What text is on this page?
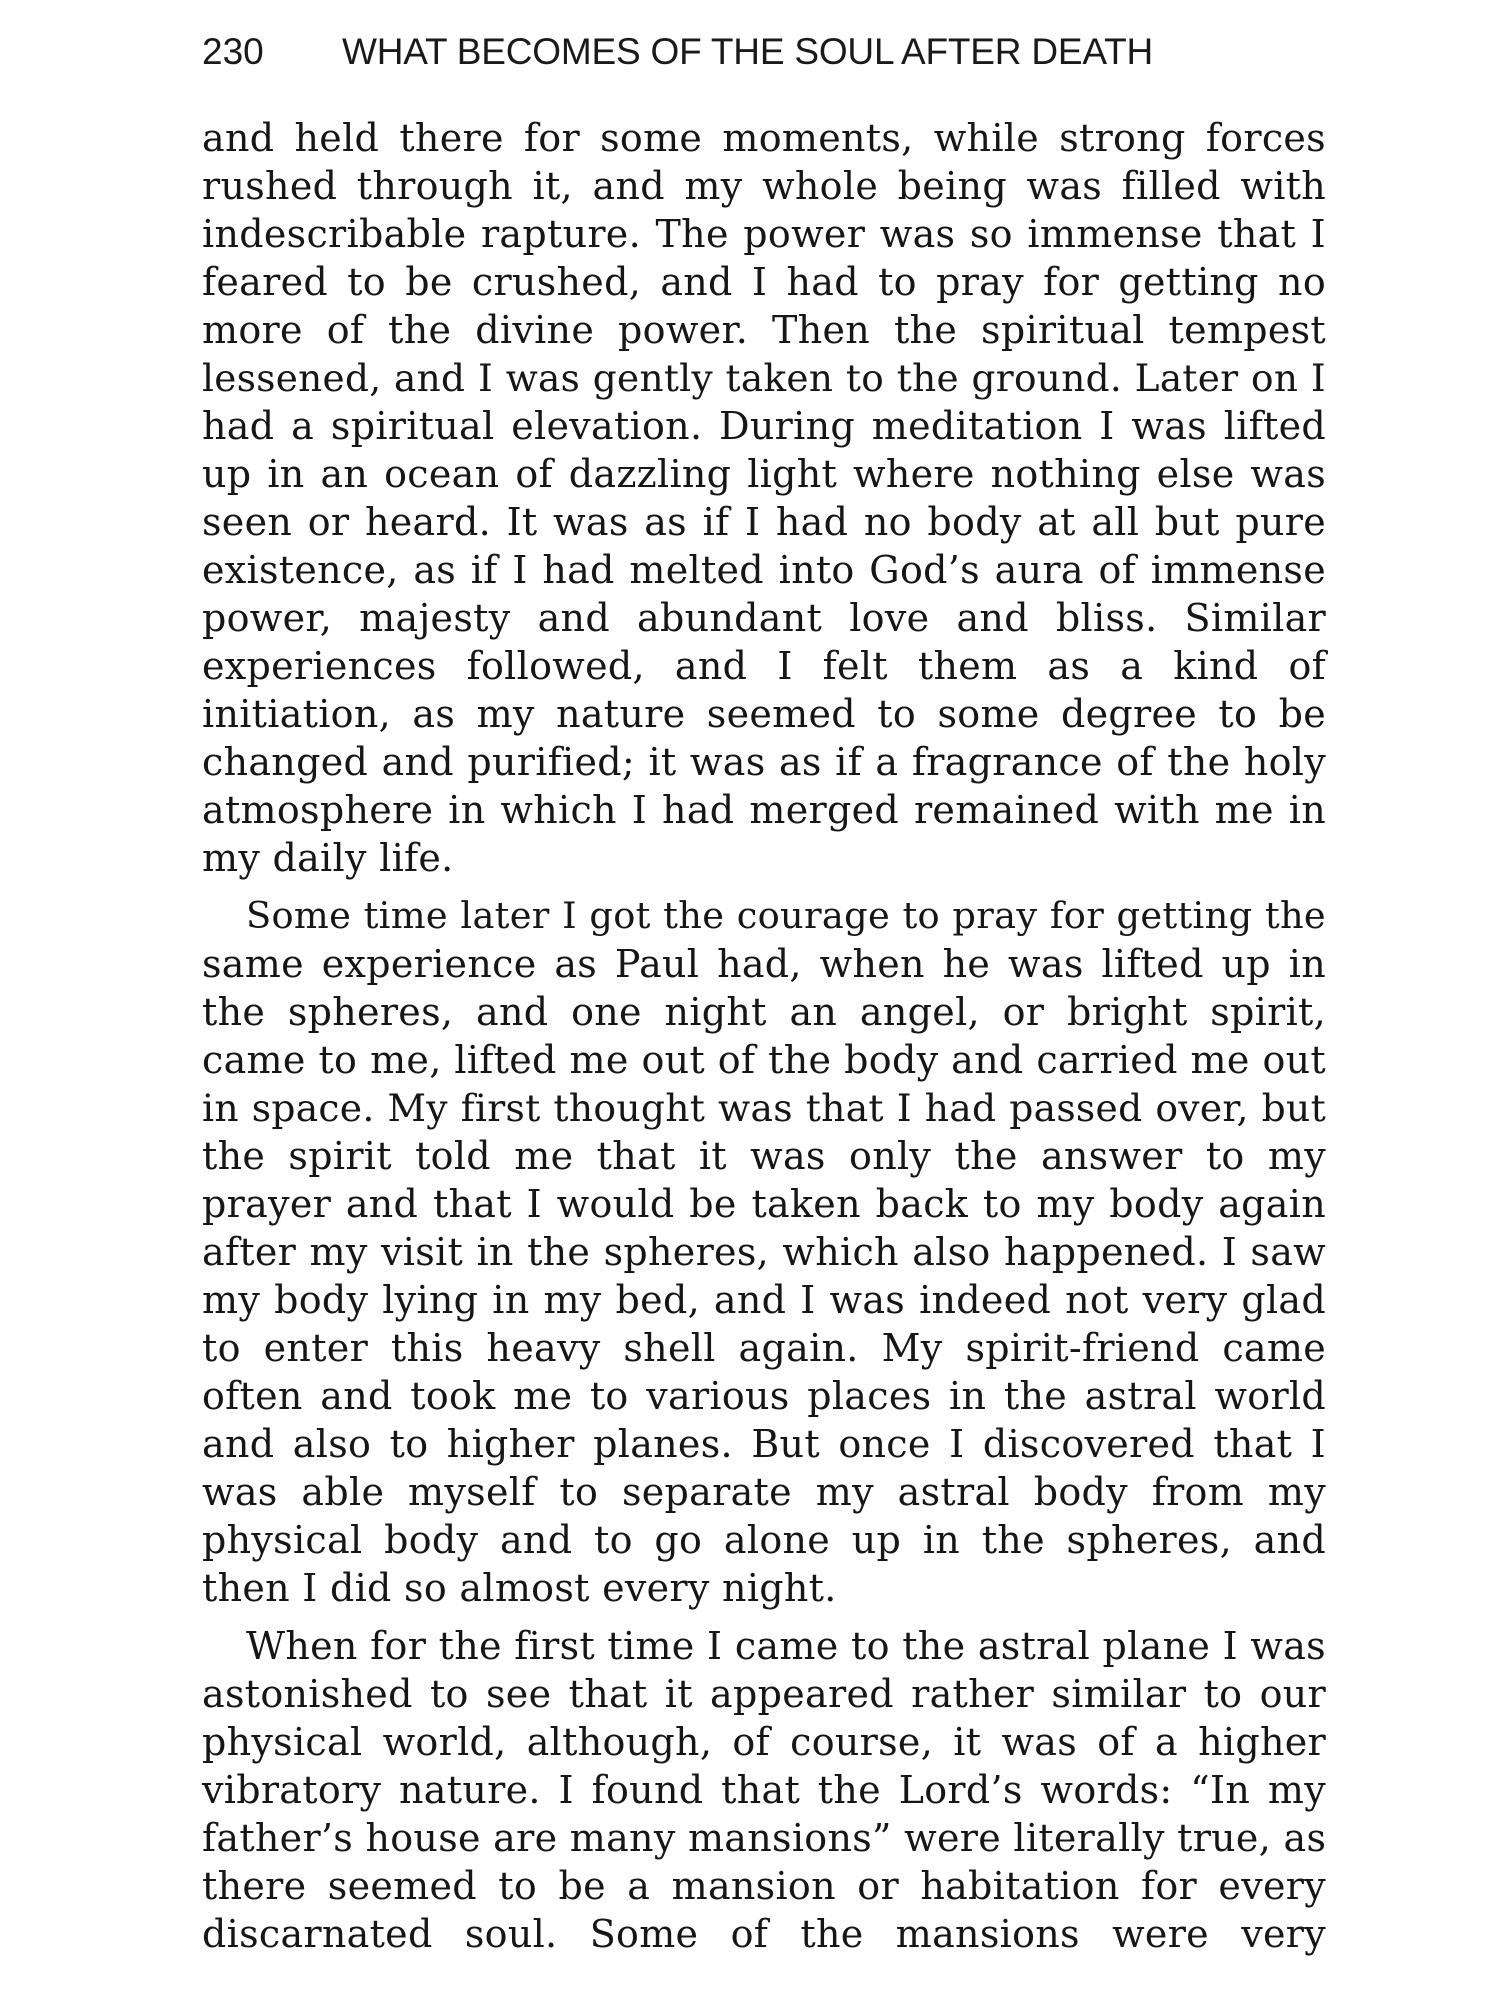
230 WHAT BECOMES OF THE SOUL AFTER DEATH
and held there for some moments, while strong forces
rushed through it, and my whole being was filled with
indescribable rapture. The power was so immense that I
feared to be crushed, and I had to pray for getting no
more of the divine power. Then the spiritual tempest
lessened, and I was gently taken to the ground. Later on I
had a spiritual elevation. During meditation I was lifted
up in an ocean of dazzling light where nothing else was
seen or heard. It was as if I had no body at all but pure
existence, as if I had melted into God’s aura of immense
power, majesty and abundant love and bliss. Similar
experiences followed, and I felt them as a kind of
initiation, as my nature seemed to some degree to be
changed and purified; it was as if a fragrance of the holy
atmosphere in which I had merged remained with me in
my daily life.
Some time later I got the courage to pray for getting the
same experience as Paul had, when he was lifted up in
the spheres, and one night an angel, or bright spirit,
came to me, lifted me out of the body and carried me out
in space. My first thought was that I had passed over, but
the spirit told me that it was only the answer to my
prayer and that I would be taken back to my body again
after my visit in the spheres, which also happened. I saw
my body lying in my bed, and I was indeed not very glad
to enter this heavy shell again. My spirit-friend came
often and took me to various places in the astral world
and also to higher planes. But once I discovered that I
was able myself to separate my astral body from my
physical body and to go alone up in the spheres, and
then I did so almost every night.
When for the first time I came to the astral plane I was
astonished to see that it appeared rather similar to our
physical world, although, of course, it was of a higher
vibratory nature. I found that the Lord’s words: “In my
father’s house are many mansions” were literally true, as
there seemed to be a mansion or habitation for every
discarnated soul. Some of the mansions were very
